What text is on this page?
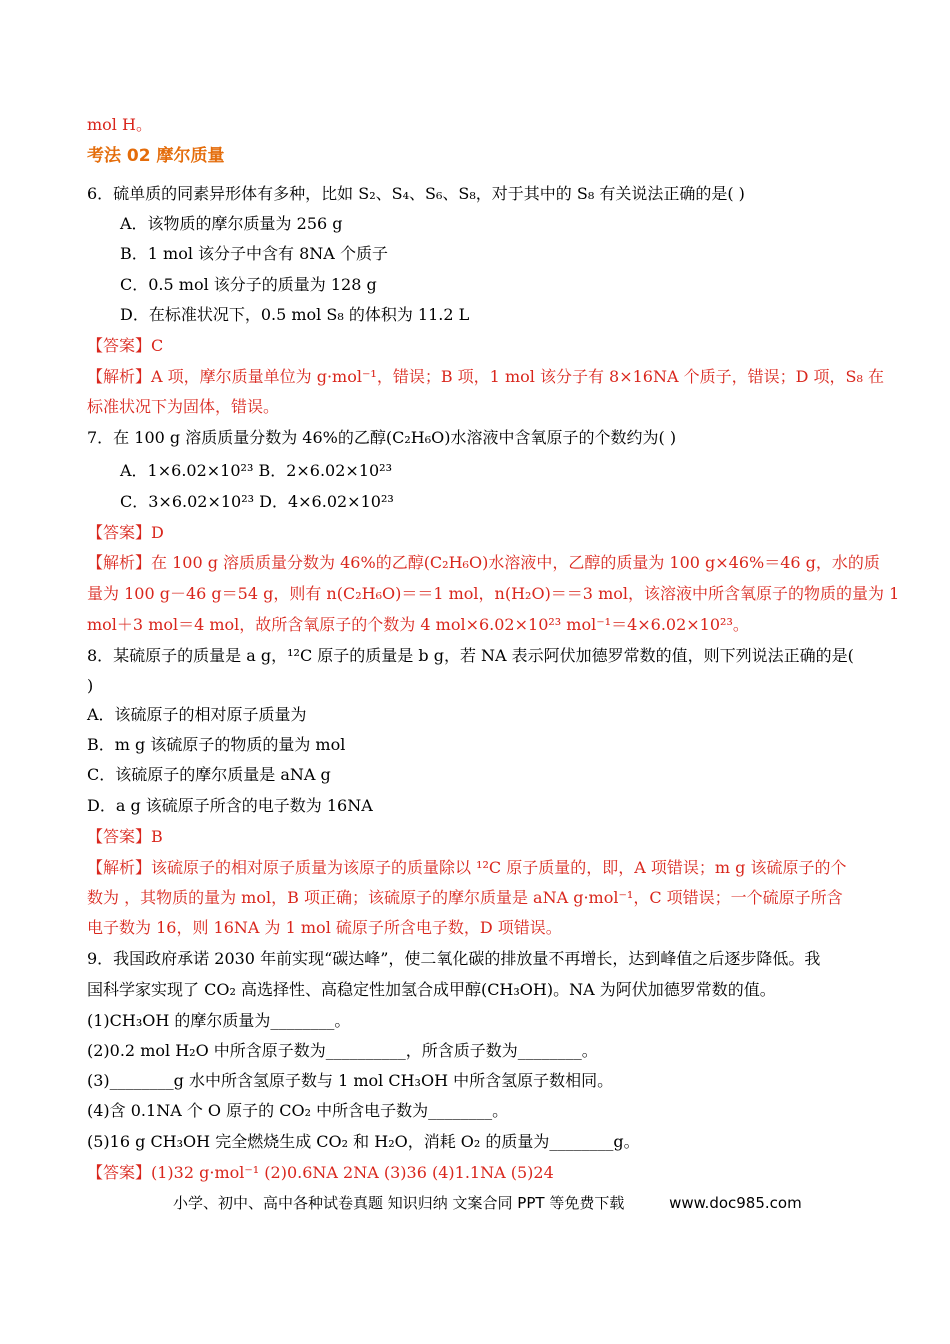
mol H。
考法 02 摩尔质量
6．硫单质的同素异形体有多种，比如 S₂、S₄、S₆、S₈，对于其中的 S₈ 有关说法正确的是( )
A．该物质的摩尔质量为 256 g
B．1 mol 该分子中含有 8NA 个质子
C．0.5 mol 该分子的质量为 128 g
D．在标准状况下，0.5 mol S₈ 的体积为 11.2 L
【答案】C
【解析】A 项，摩尔质量单位为 g·mol⁻¹，错误；B 项，1 mol 该分子有 8×16NA 个质子，错误；D 项，S₈ 在
标准状况下为固体，错误。
7．在 100 g 溶质质量分数为 46%的乙醇(C₂H₆O)水溶液中含氧原子的个数约为( )
A．1×6.02×10²³ B．2×6.02×10²³
C．3×6.02×10²³ D．4×6.02×10²³
【答案】D
【解析】在 100 g 溶质质量分数为 46%的乙醇(C₂H₆O)水溶液中，乙醇的质量为 100 g×46%＝46 g，水的质
量为 100 g－46 g＝54 g，则有 n(C₂H₆O)＝＝1 mol，n(H₂O)＝＝3 mol，该溶液中所含氧原子的物质的量为 1
mol＋3 mol＝4 mol，故所含氧原子的个数为 4 mol×6.02×10²³ mol⁻¹＝4×6.02×10²³。
8．某硫原子的质量是 a g，¹²C 原子的质量是 b g，若 NA 表示阿伏加德罗常数的值，则下列说法正确的是(
)
A．该硫原子的相对原子质量为
B．m g 该硫原子的物质的量为 mol
C．该硫原子的摩尔质量是 aNA g
D．a g 该硫原子所含的电子数为 16NA
【答案】B
【解析】该硫原子的相对原子质量为该原子的质量除以 ¹²C 原子质量的，即，A 项错误；m g 该硫原子的个
数为 ，其物质的量为 mol，B 项正确；该硫原子的摩尔质量是 aNA g·mol⁻¹，C 项错误；一个硫原子所含
电子数为 16，则 16NA 为 1 mol 硫原子所含电子数，D 项错误。
9．我国政府承诺 2030 年前实现“碳达峰”，使二氧化碳的排放量不再增长，达到峰值之后逐步降低。我
国科学家实现了 CO₂ 高选择性、高稳定性加氢合成甲醇(CH₃OH)。NA 为阿伏加德罗常数的值。
(1)CH₃OH 的摩尔质量为________。
(2)0.2 mol H₂O 中所含原子数为__________，所含质子数为________。
(3)________g 水中所含氢原子数与 1 mol CH₃OH 中所含氢原子数相同。
(4)含 0.1NA 个 O 原子的 CO₂ 中所含电子数为________。
(5)16 g CH₃OH 完全燃烧生成 CO₂ 和 H₂O，消耗 O₂ 的质量为________g。
【答案】(1)32 g·mol⁻¹ (2)0.6NA 2NA (3)36 (4)1.1NA (5)24
小学、初中、高中各种试卷真题 知识归纳 文案合同 PPT 等免费下载	www.doc985.com
